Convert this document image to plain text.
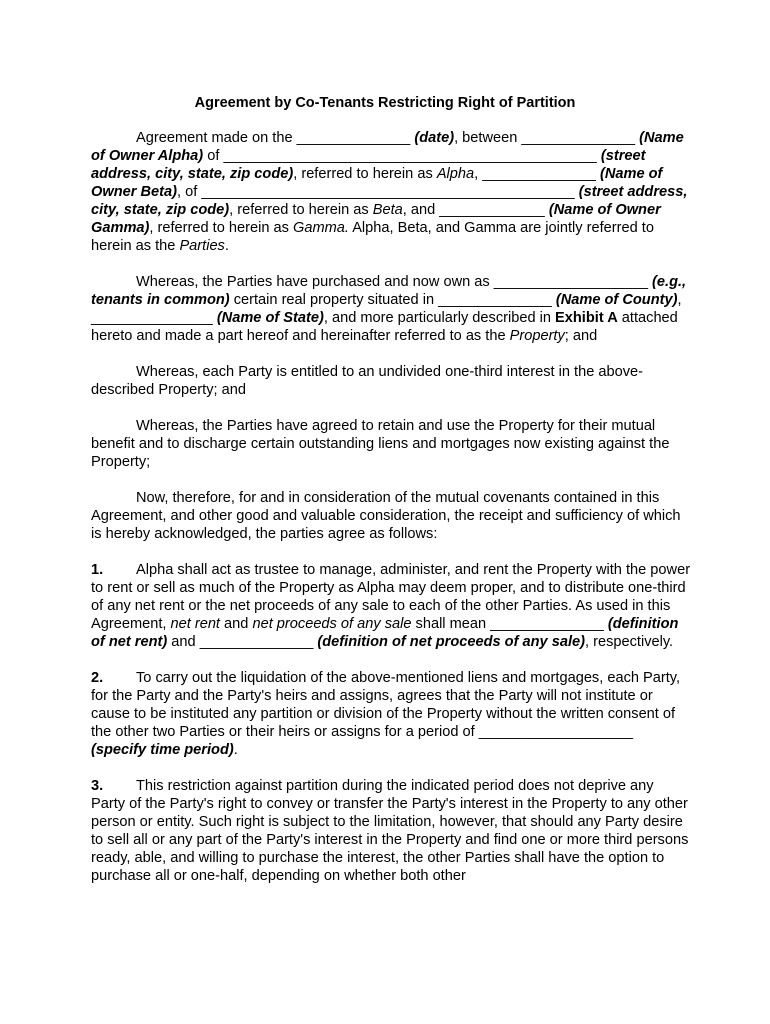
Agreement by Co-Tenants Restricting Right of Partition

Agreement made on the ______________ (date), between ______________ (Name of Owner Alpha) of ______________________________________________ (street address, city, state, zip code), referred to herein as Alpha, ______________ (Name of Owner Beta), of ______________________________________________ (street address, city, state, zip code), referred to herein as Beta, and _____________ (Name of Owner Gamma), referred to herein as Gamma. Alpha, Beta, and Gamma are jointly referred to herein as the Parties.

Whereas, the Parties have purchased and now own as ___________________ (e.g., tenants in common) certain real property situated in ______________ (Name of County), _______________ (Name of State), and more particularly described in Exhibit A attached hereto and made a part hereof and hereinafter referred to as the Property; and

Whereas, each Party is entitled to an undivided one-third interest in the above-described Property; and

Whereas, the Parties have agreed to retain and use the Property for their mutual benefit and to discharge certain outstanding liens and mortgages now existing against the Property;

Now, therefore, for and in consideration of the mutual covenants contained in this Agreement, and other good and valuable consideration, the receipt and sufficiency of which is hereby acknowledged, the parties agree as follows:

1. Alpha shall act as trustee to manage, administer, and rent the Property with the power to rent or sell as much of the Property as Alpha may deem proper, and to distribute one-third of any net rent or the net proceeds of any sale to each of the other Parties. As used in this Agreement, net rent and net proceeds of any sale shall mean ______________ (definition of net rent) and ______________ (definition of net proceeds of any sale), respectively.

2. To carry out the liquidation of the above-mentioned liens and mortgages, each Party, for the Party and the Party's heirs and assigns, agrees that the Party will not institute or cause to be instituted any partition or division of the Property without the written consent of the other two Parties or their heirs or assigns for a period of ___________________ (specify time period).

3. This restriction against partition during the indicated period does not deprive any Party of the Party's right to convey or transfer the Party's interest in the Property to any other person or entity. Such right is subject to the limitation, however, that should any Party desire to sell all or any part of the Party's interest in the Property and find one or more third persons ready, able, and willing to purchase the interest, the other Parties shall have the option to purchase all or one-half, depending on whether both other
